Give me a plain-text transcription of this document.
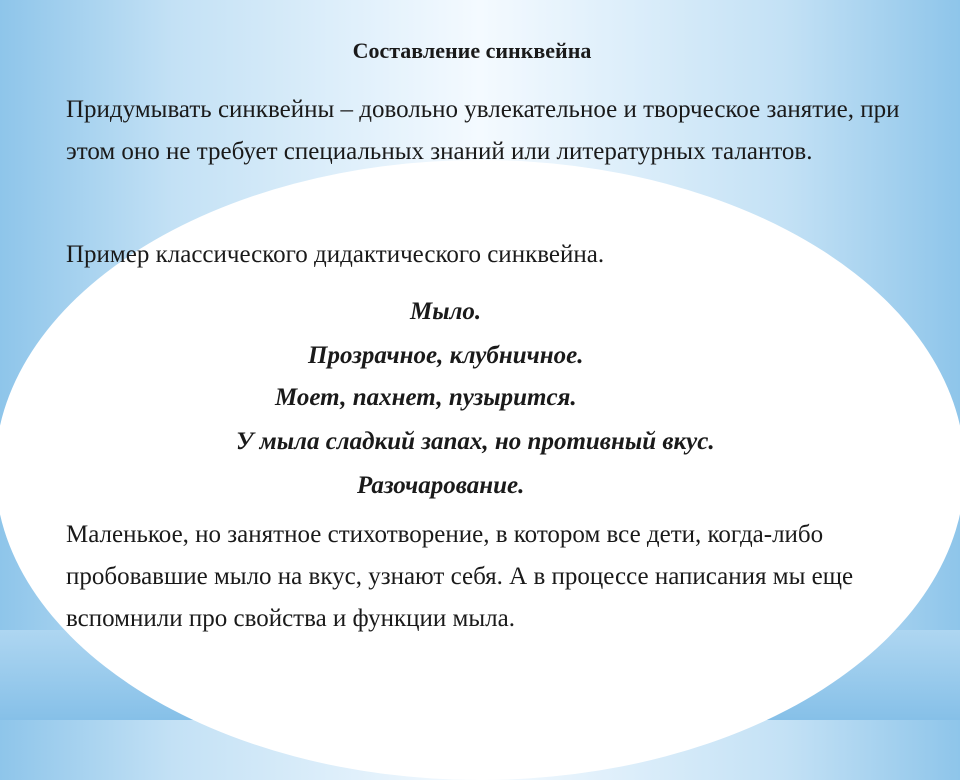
Составление синквейна

Придумывать синквейны – довольно увлекательное и творческое занятие, при этом оно не требует специальных знаний или литературных талантов.

Пример классического дидактического синквейна.

Мыло.
Прозрачное, клубничное.
Моет, пахнет, пузырится.
У мыла сладкий запах, но противный вкус.
Разочарование.

Маленькое, но занятное стихотворение, в котором все дети, когда-либо пробовавшие мыло на вкус, узнают себя. А в процессе написания мы еще вспомнили про свойства и функции мыла.
